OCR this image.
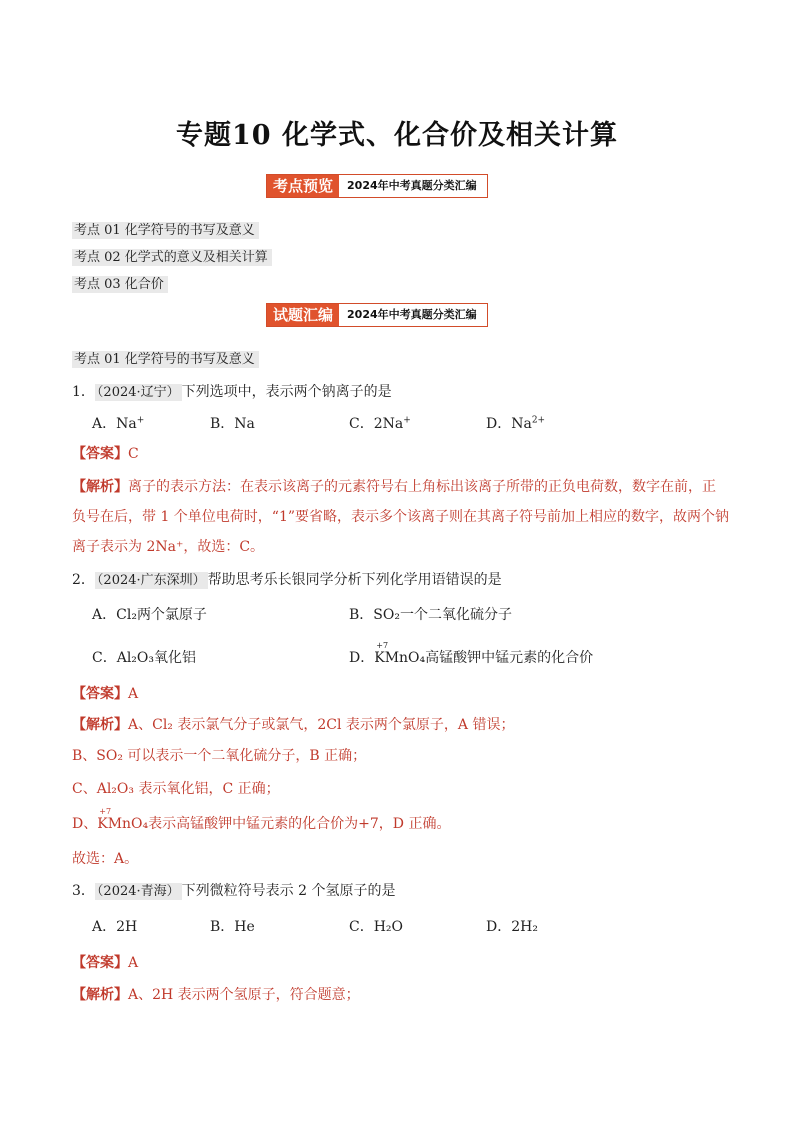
专题10 化学式、化合价及相关计算
考点预览	2024年中考真题分类汇编
考点 01 化学符号的书写及意义
考点 02 化学式的意义及相关计算
考点 03 化合价
试题汇编	2024年中考真题分类汇编
考点 01 化学符号的书写及意义
1． （2024·辽宁） 下列选项中，表示两个钠离子的是
A．Na+	B．Na	C．2Na+	D．$Na^{2+}$
【答案】C
【解析】离子的表示方法：在表示该离子的元素符号右上角标出该离子所带的正负电荷数，数字在前，正
负号在后，带 1 个单位电荷时，“1”要省略，表示多个该离子则在其离子符号前加上相应的数字，故两个钠
离子表示为 2Na⁺，故选：C。
2． （2024·广东深圳） 帮助思考乐长银同学分析下列化学用语错误的是
A．Cl₂两个氯原子	B．SO₂一个二氧化硫分子
C．Al₂O₃氧化铝	D．
+7
KMnO₄高锰酸钾中锰元素的化合价
【答案】A
【解析】A、Cl₂ 表示氯气分子或氯气，2Cl 表示两个氯原子，A 错误；
B、SO₂ 可以表示一个二氧化硫分子，B 正确；
C、Al₂O₃ 表示氧化铝，C 正确；
D、
+7
KMnO₄表示高锰酸钾中锰元素的化合价为+7，D 正确。
故选：A。
3． （2024·青海） 下列微粒符号表示 2 个氢原子的是
A．2H	B．He	C．H₂O	D．2H₂
【答案】A
【解析】A、2H 表示两个氢原子，符合题意；
